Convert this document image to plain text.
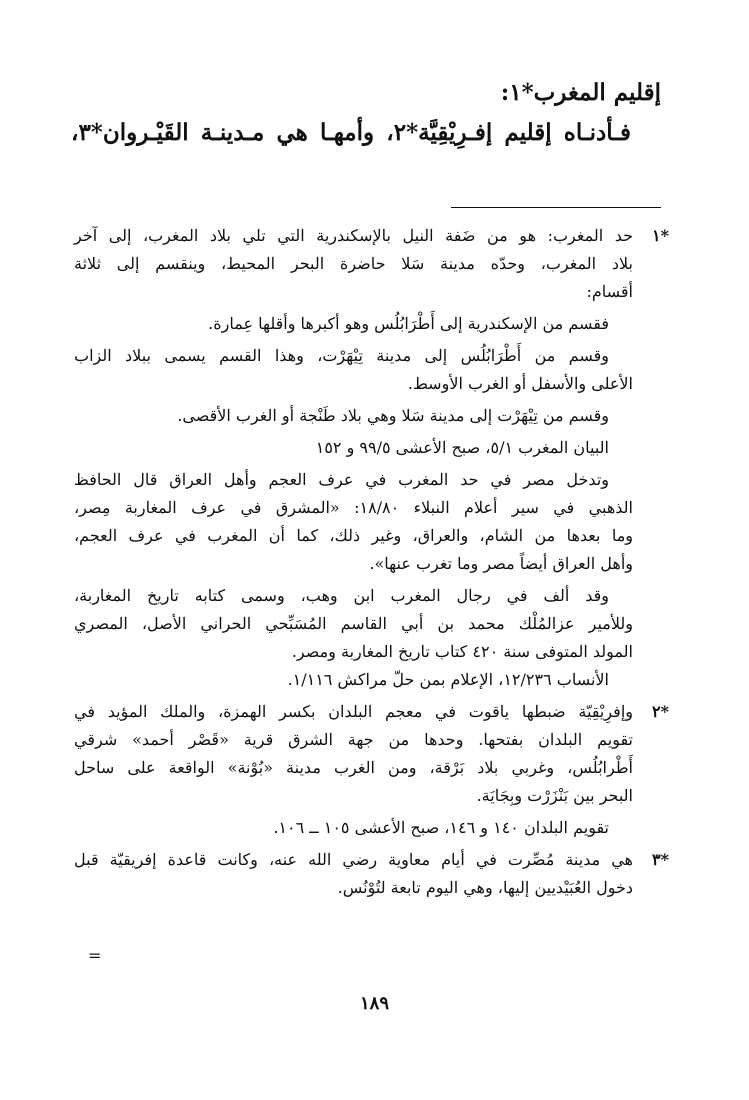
إقليم المغرب*١:
فـأدنـاه إقليم إفـرِيْقِيَّة*٢، وأمهـا هي مـدينـة القَيْـروان*٣،
*١
حد المغرب: هو من ضَفة النيل بالإسكندرية التي تلي بلاد المغرب، إلى آخر
بلاد المغرب، وحدّه مدينة سَلا حاضرة البحر المحيط، وينقسم إلى ثلاثة
أقسام:
فقسم من الإسكندرية إلى أَطْرَابُلُس وهو أكبرها وأقلها عِمارة.
وقسم من أَطْرَابُلُس إلى مدينة تِيْهَرْت، وهذا القسم يسمى ببلاد الزاب
الأعلى والأسفل أو الغرب الأوسط.
وقسم من تِيْهَرْت إلى مدينة سَلا وهي بلاد طَنْجة أو الغرب الأقصى.
البيان المغرب ٥/١، صبح الأعشى ٩٩/٥ و ١٥٢
وتدخل مصر في حد المغرب في عرف العجم وأهل العراق قال الحافظ
الذهبي في سير أعلام النبلاء ١٨/٨٠: «المشرق في عرف المغاربة مِصر،
وما بعدها من الشام، والعراق، وغير ذلك، كما أن المغرب في عرف العجم،
وأهل العراق أيضاً مصر وما تغرب عنها».
وقد ألف في رجال المغرب ابن وهب، وسمى كتابه تاريخ المغاربة،
وللأمير عزالمُلْك محمد بن أبي القاسم المُسَبِّحي الحراني الأصل، المصري
المولد المتوفى سنة ٤٢٠ كتاب تاريخ المغاربة ومصر.
الأنساب ١٢/٢٣٦، الإعلام بمن حلّ مراكش ١/١١٦.
*٢
وإفرِيْقِيّة ضبطها ياقوت في معجم البلدان بكسر الهمزة، والملك المؤيد في
تقويم البلدان بفتحها. وحدها من جهة الشرق قرية «قَصْر أحمد» شرقي
أَطْرابُلُس، وغربي بلاد بَرْقة، ومن الغرب مدينة «بُوْنة» الواقعة على ساحل
البحر بين بَنْزَرْت وبِجَايَة.
تقويم البلدان ١٤٠ و ١٤٦، صبح الأعشى ١٠٥ ــ ١٠٦.
*٣
هي مدينة مُصِّرت في أيام معاوية رضي الله عنه، وكانت قاعدة إفريقيّة قبل
دخول العُبَيْديين إليها، وهي اليوم تابعة لتُوْنُس.
=
١٨٩
